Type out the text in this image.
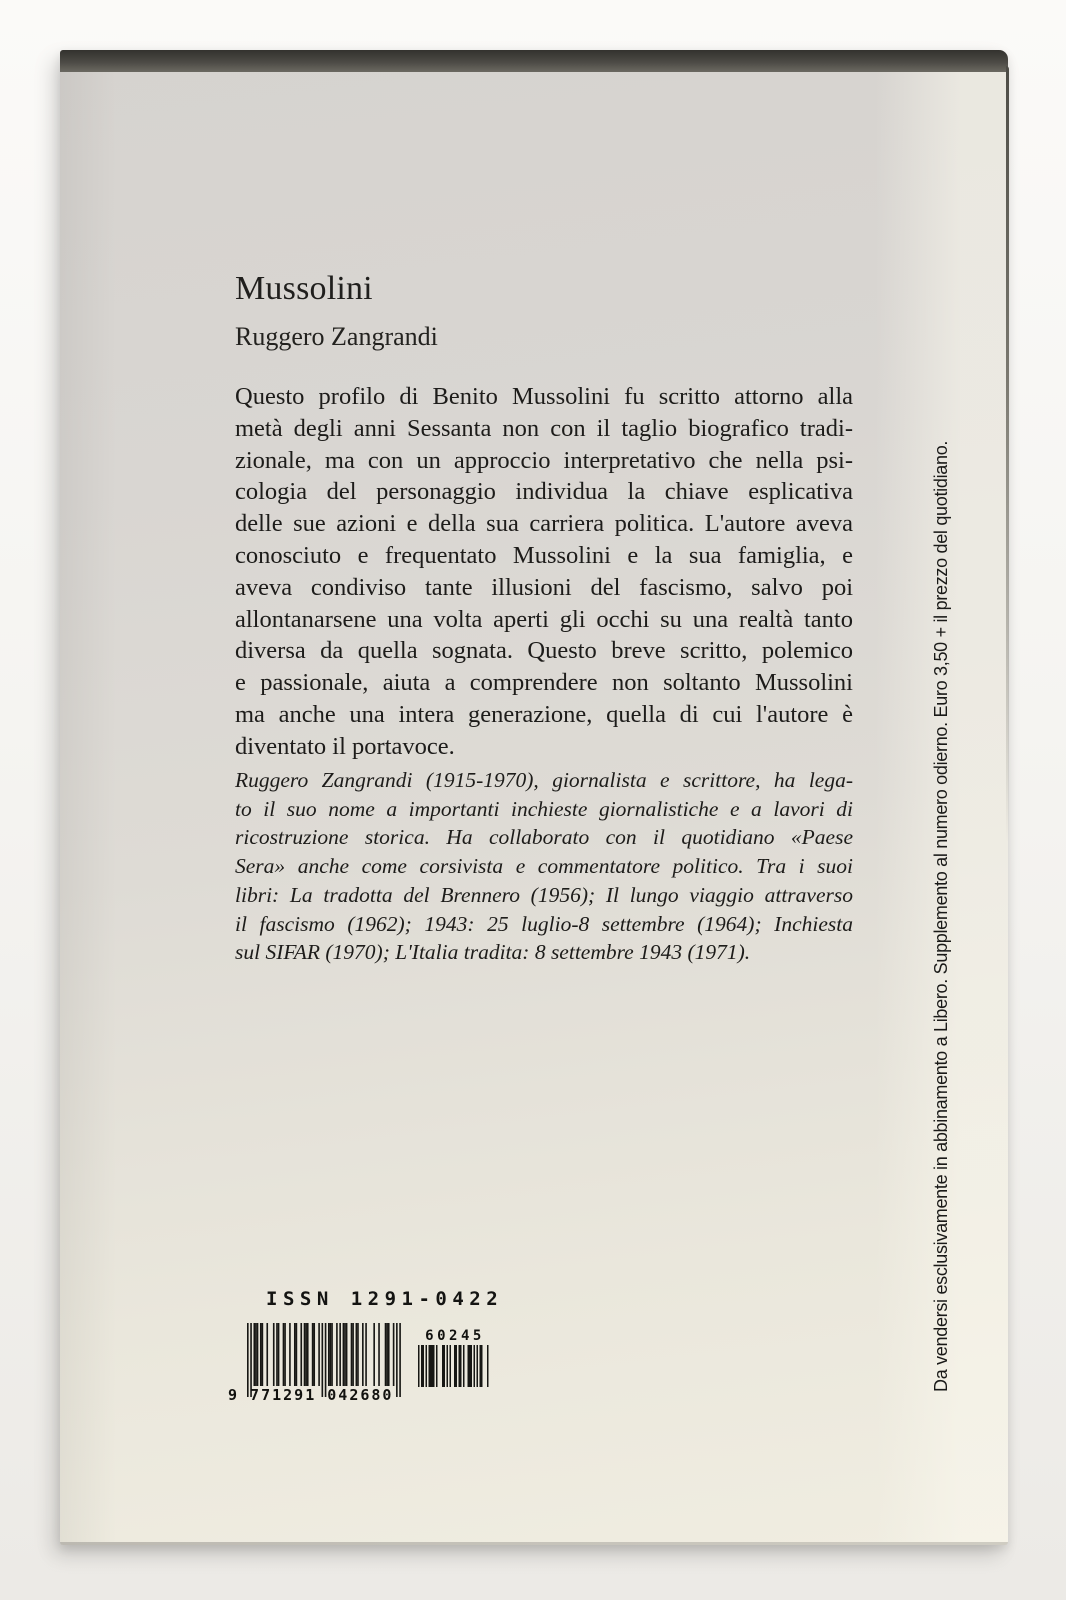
Mussolini
Ruggero Zangrandi
Questo profilo di Benito Mussolini fu scritto attorno alla
metà degli anni Sessanta non con il taglio biografico tradi-
zionale, ma con un approccio interpretativo che nella psi-
cologia del personaggio individua la chiave esplicativa
delle sue azioni e della sua carriera politica. L'autore aveva
conosciuto e frequentato Mussolini e la sua famiglia, e
aveva condiviso tante illusioni del fascismo, salvo poi
allontanarsene una volta aperti gli occhi su una realtà tanto
diversa da quella sognata. Questo breve scritto, polemico
e passionale, aiuta a comprendere non soltanto Mussolini
ma anche una intera generazione, quella di cui l'autore è
diventato il portavoce.
Ruggero Zangrandi (1915-1970), giornalista e scrittore, ha lega-
to il suo nome a importanti inchieste giornalistiche e a lavori di
ricostruzione storica. Ha collaborato con il quotidiano «Paese
Sera» anche come corsivista e commentatore politico. Tra i suoi
libri: La tradotta del Brennero (1956); Il lungo viaggio attraverso
il fascismo (1962); 1943: 25 luglio-8 settembre (1964); Inchiesta
sul SIFAR (1970); L'Italia tradita: 8 settembre 1943 (1971).
ISSN 1291-0422
9 771291 042680
60245	Da vendersi esclusivamente in abbinamento a Libero. Supplemento al numero odierno. Euro 3,50 + il prezzo del quotidiano.
